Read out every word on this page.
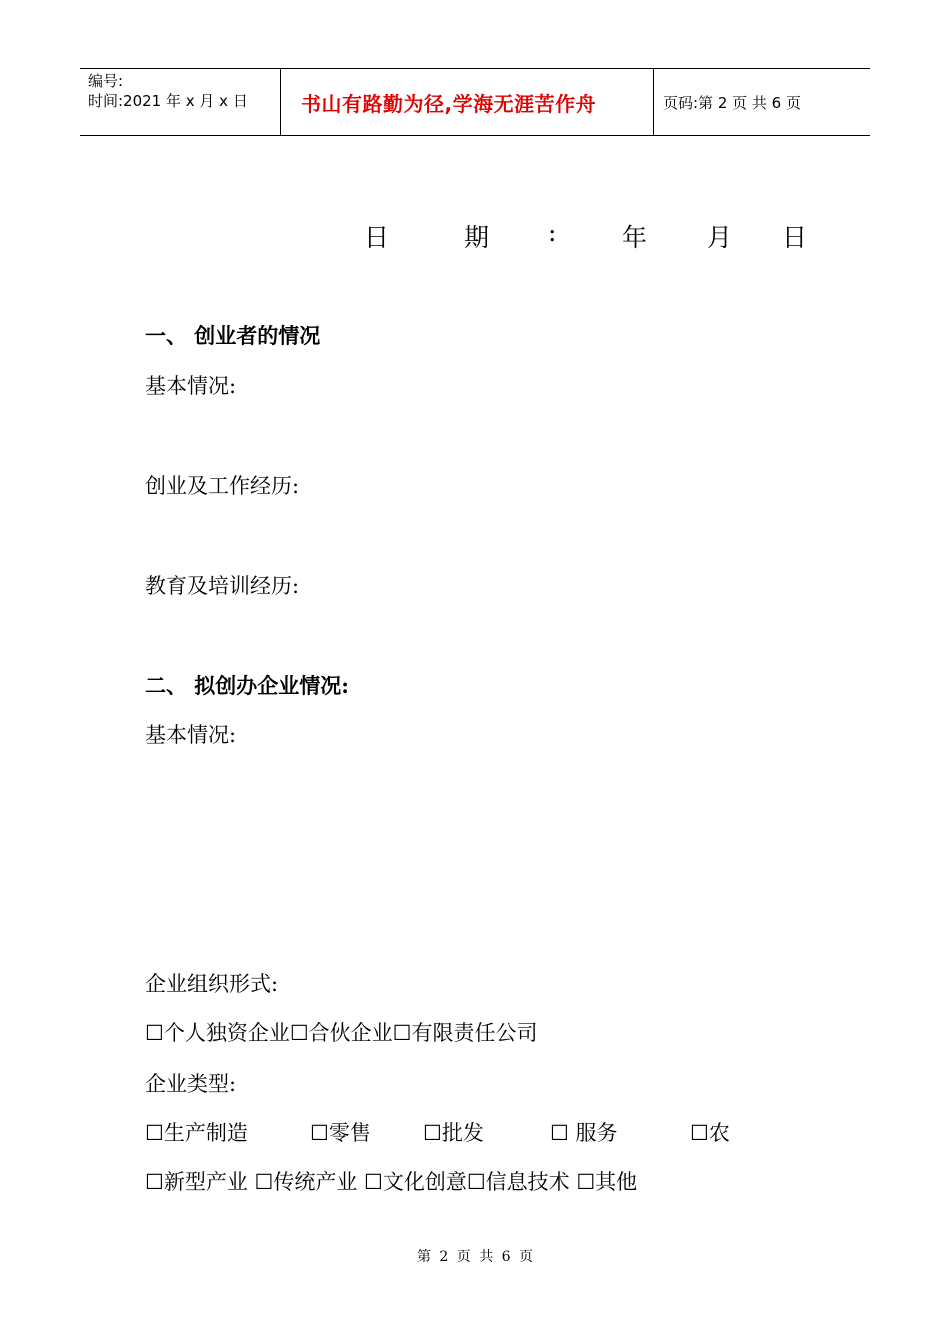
编号:
时间:2021 年 x 月 x 日	书山有路勤为径,学海无涯苦作舟	页码:第 2 页 共 6 页
日	期 :	年 月 日
一、 创业者的情况
基本情况:
创业及工作经历:
教育及培训经历:
二、 拟创办企业情况:
基本情况:
企业组织形式:
☐个人独资企业☐合伙企业☐有限责任公司
企业类型:
☐生产制造	☐零售 ☐批发	☐ 服务	☐农
☐新型产业 ☐传统产业 ☐文化创意☐信息技术 ☐其他
第 2 页 共 6 页
